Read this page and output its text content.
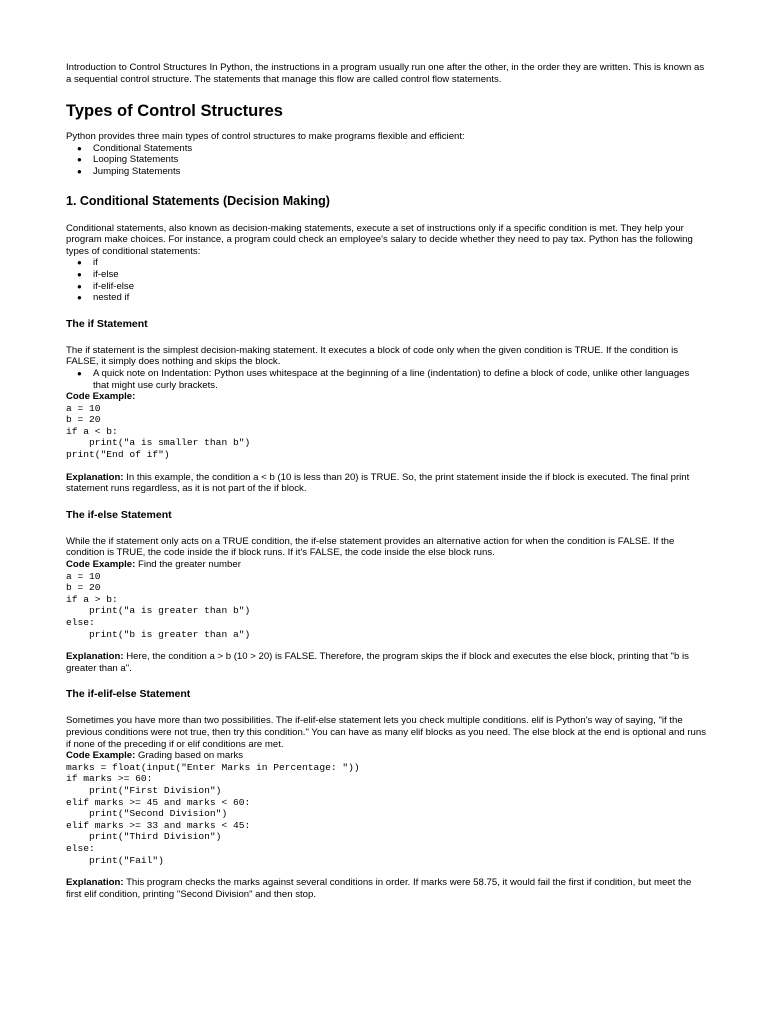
Introduction to Control Structures In Python, the instructions in a program usually run one after the other, in the order they are written. This is known as a sequential control structure. The statements that manage this flow are called control flow statements.

Types of Control Structures

Python provides three main types of control structures to make programs flexible and efficient:

● Conditional Statements
● Looping Statements
● Jumping Statements
1. Conditional Statements (Decision Making)

Conditional statements, also known as decision-making statements, execute a set of instructions only if a specific condition is met. They help your program make choices. For instance, a program could check an employee's salary to decide whether they need to pay tax. Python has the following types of conditional statements:

● if
● if-else
● if-elif-else
● nested if
The if Statement

The if statement is the simplest decision-making statement. It executes a block of code only when the given condition is TRUE. If the condition is FALSE, it simply does nothing and skips the block.

● A quick note on Indentation: Python uses whitespace at the beginning of a line (indentation) to define a block of code, unlike other languages that might use curly brackets.

Code Example:

a = 10
b = 20
if a < b:
print("a is smaller than b")
print("End of if")

Explanation: In this example, the condition a < b (10 is less than 20) is TRUE. So, the print statement inside the if block is executed. The final print statement runs regardless, as it is not part of the if block.

The if-else Statement

While the if statement only acts on a TRUE condition, the if-else statement provides an alternative action for when the condition is FALSE. If the condition is TRUE, the code inside the if block runs. If it's FALSE, the code inside the else block runs.

Code Example: Find the greater number

a = 10
b = 20
if a > b:
print("a is greater than b")
else:
print("b is greater than a")

Explanation: Here, the condition a > b (10 > 20) is FALSE. Therefore, the program skips the if block and executes the else block, printing that "b is greater than a".

The if-elif-else Statement

Sometimes you have more than two possibilities. The if-elif-else statement lets you check multiple conditions. elif is Python's way of saying, "if the previous conditions were not true, then try this condition." You can have as many elif blocks as you need. The else block at the end is optional and runs if none of the preceding if or elif conditions are met.

Code Example: Grading based on marks

marks = float(input("Enter Marks in Percentage: "))
if marks >= 60:
print("First Division")
elif marks >= 45 and marks < 60:
print("Second Division")
elif marks >= 33 and marks < 45:
print("Third Division")
else:
print("Fail")

Explanation: This program checks the marks against several conditions in order. If marks were 58.75, it would fail the first if condition, but meet the first elif condition, printing "Second Division" and then stop.
